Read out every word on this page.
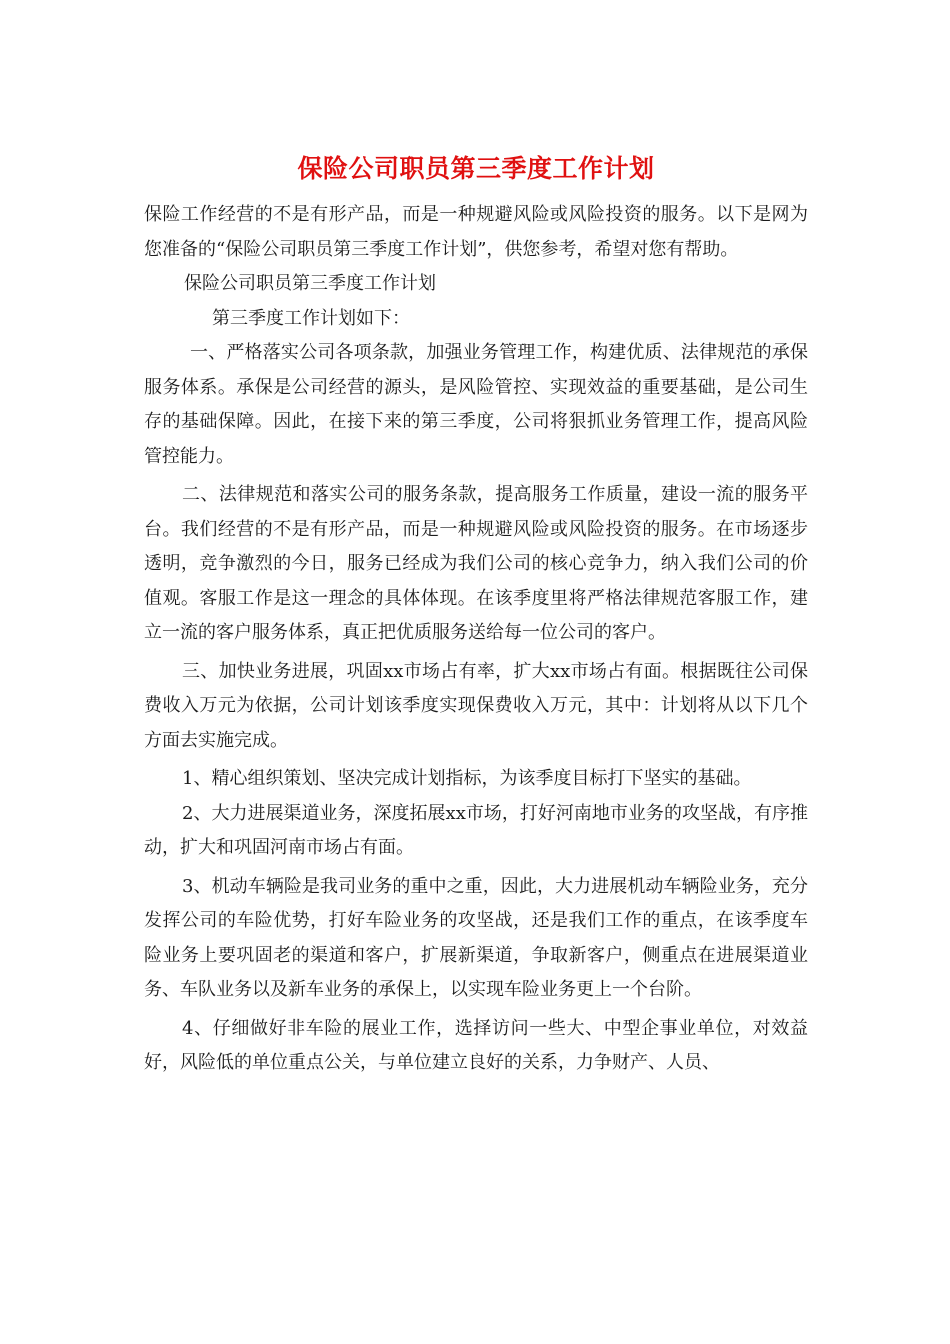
保险公司职员第三季度工作计划

保险工作经营的不是有形产品，而是一种规避风险或风险投资的服务。以下是网为您准备的“保险公司职员第三季度工作计划”，供您参考，希望对您有帮助。

保险公司职员第三季度工作计划

第三季度工作计划如下：

一、严格落实公司各项条款，加强业务管理工作，构建优质、法律规范的承保服务体系。承保是公司经营的源头，是风险管控、实现效益的重要基础，是公司生存的基础保障。因此，在接下来的第三季度，公司将狠抓业务管理工作，提高风险管控能力。

二、法律规范和落实公司的服务条款，提高服务工作质量，建设一流的服务平台。我们经营的不是有形产品，而是一种规避风险或风险投资的服务。在市场逐步透明，竞争激烈的今日，服务已经成为我们公司的核心竞争力，纳入我们公司的价值观。客服工作是这一理念的具体体现。在该季度里将严格法律规范客服工作，建立一流的客户服务体系，真正把优质服务送给每一位公司的客户。

三、加快业务进展，巩固xx市场占有率，扩大xx市场占有面。根据既往公司保费收入万元为依据，公司计划该季度实现保费收入万元，其中：计划将从以下几个方面去实施完成。

1、精心组织策划、坚决完成计划指标，为该季度目标打下坚实的基础。

2、大力进展渠道业务，深度拓展xx市场，打好河南地市业务的攻坚战，有序推动，扩大和巩固河南市场占有面。

3、机动车辆险是我司业务的重中之重，因此，大力进展机动车辆险业务，充分发挥公司的车险优势，打好车险业务的攻坚战，还是我们工作的重点，在该季度车险业务上要巩固老的渠道和客户，扩展新渠道，争取新客户，侧重点在进展渠道业务、车队业务以及新车业务的承保上，以实现车险业务更上一个台阶。

4、仔细做好非车险的展业工作，选择访问一些大、中型企事业单位，对效益好，风险低的单位重点公关，与单位建立良好的关系，力争财产、人员、
